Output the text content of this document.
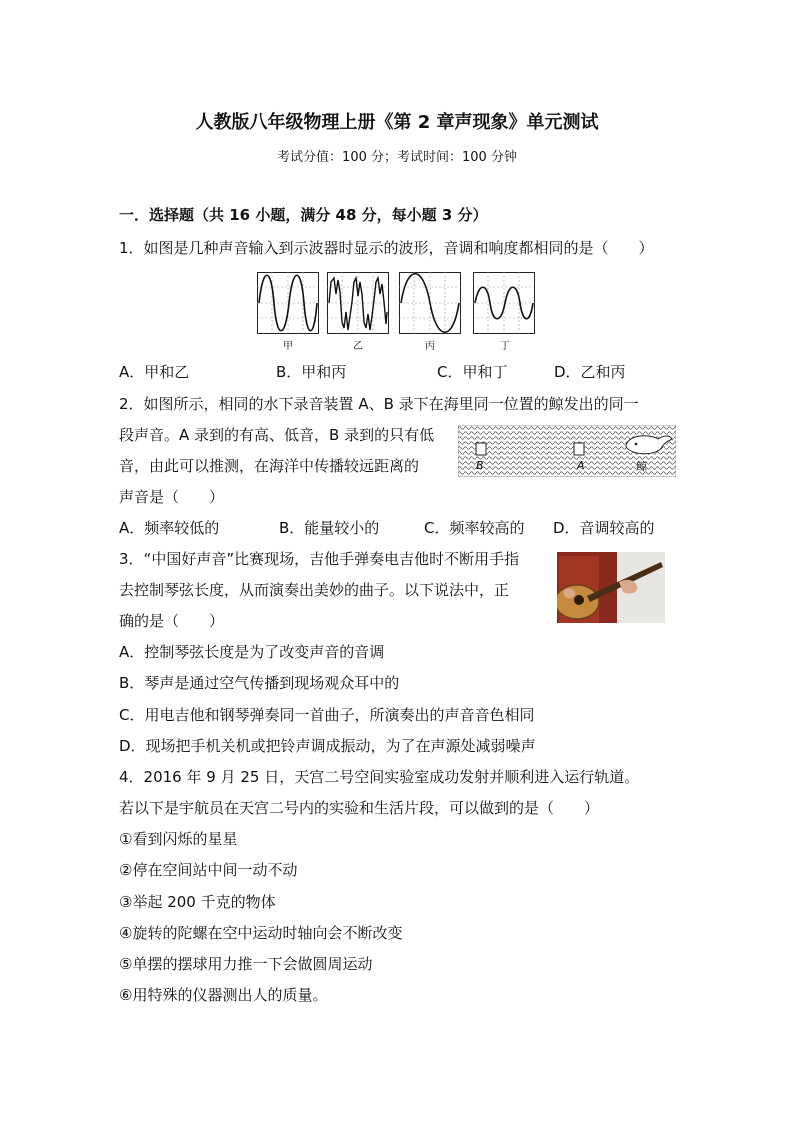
人教版八年级物理上册《第 2 章声现象》单元测试
考试分值：100 分；考试时间：100 分钟
一．选择题（共 16 小题，满分 48 分，每小题 3 分）
1．如图是几种声音输入到示波器时显示的波形，音调和响度都相同的是（　　）
甲	乙	丙	丁
A．甲和乙	B．甲和丙	C．甲和丁	D．乙和丙
2．如图所示，相同的水下录音装置 A、B 录下在海里同一位置的鲸发出的同一
段声音。A 录到的有高、低音，B 录到的只有低
音，由此可以推测，在海洋中传播较远距离的
声音是（　　）
B	A	鲸
A．频率较低的	B．能量较小的	C．频率较高的 D．音调较高的
3．“中国好声音”比赛现场，吉他手弹奏电吉他时不断用手指
去控制琴弦长度，从而演奏出美妙的曲子。以下说法中，正
确的是（　　）
A．控制琴弦长度是为了改变声音的音调
B．琴声是通过空气传播到现场观众耳中的
C．用电吉他和钢琴弹奏同一首曲子，所演奏出的声音音色相同
D．现场把手机关机或把铃声调成振动，为了在声源处减弱噪声
4．2016 年 9 月 25 日，天宫二号空间实验室成功发射并顺利进入运行轨道。
若以下是宇航员在天宫二号内的实验和生活片段，可以做到的是（　　）
①看到闪烁的星星
②停在空间站中间一动不动
③举起 200 千克的物体
④旋转的陀螺在空中运动时轴向会不断改变
⑤单摆的摆球用力推一下会做圆周运动
⑥用特殊的仪器测出人的质量。
